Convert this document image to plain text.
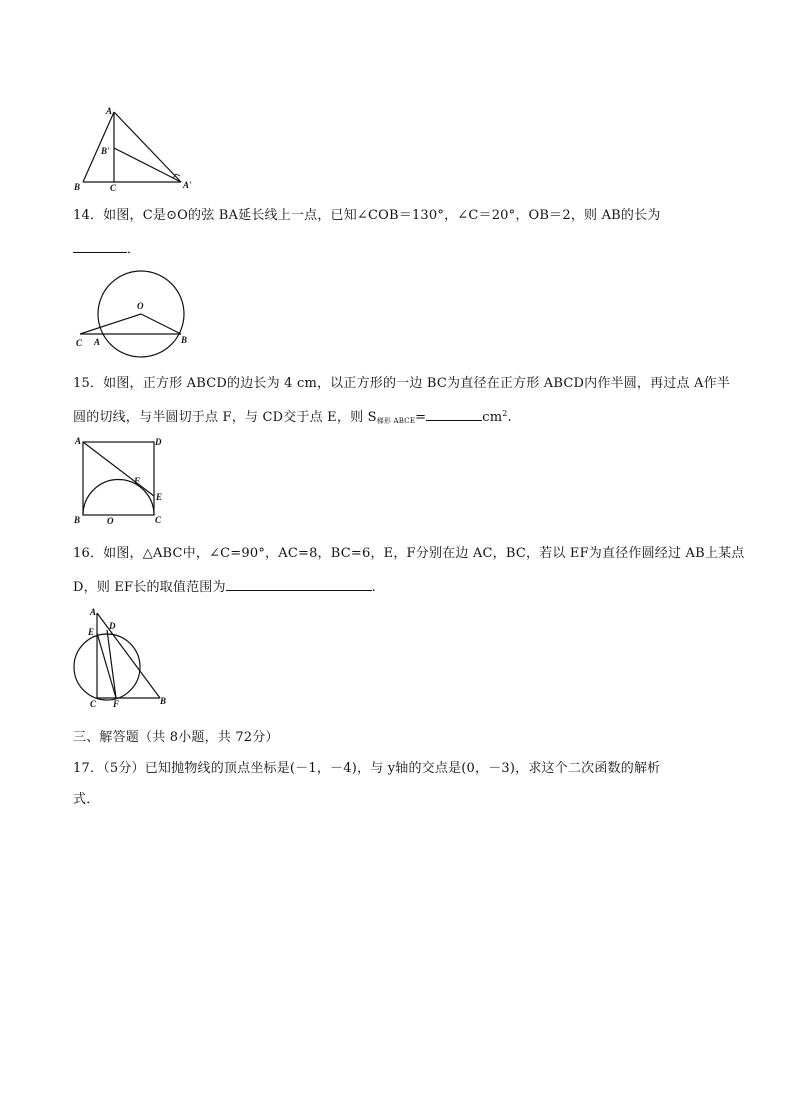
A
B'
B	C	A'
14．如图，C是⊙O的弦 BA延长线上一点，已知∠COB＝130°，∠C＝20°，OB＝2，则 AB的长为
．
O
C A	B
15．如图，正方形 ABCD的边长为 4 cm，以正方形的一边 BC为直径在正方形 ABCD内作半圆，再过点 A作半
圆的切线，与半圆切于点 F，与 CD交于点 E，则 S梯形 ABCE=	$cm^2$.
A	D
F
E
B	O	C
16．如图，△ABC中，∠C=90°，AC=8，BC=6，E，F分别在边 AC，BC，若以 EF为直径作圆经过 AB上某点
D，则 EF长的取值范围为	.
A
E
D
C F	B
三、解答题（共 8小题，共 72分）
17．（5分）已知抛物线的顶点坐标是(－1，－4)，与 y轴的交点是(0，－3)，求这个二次函数的解析
式．
